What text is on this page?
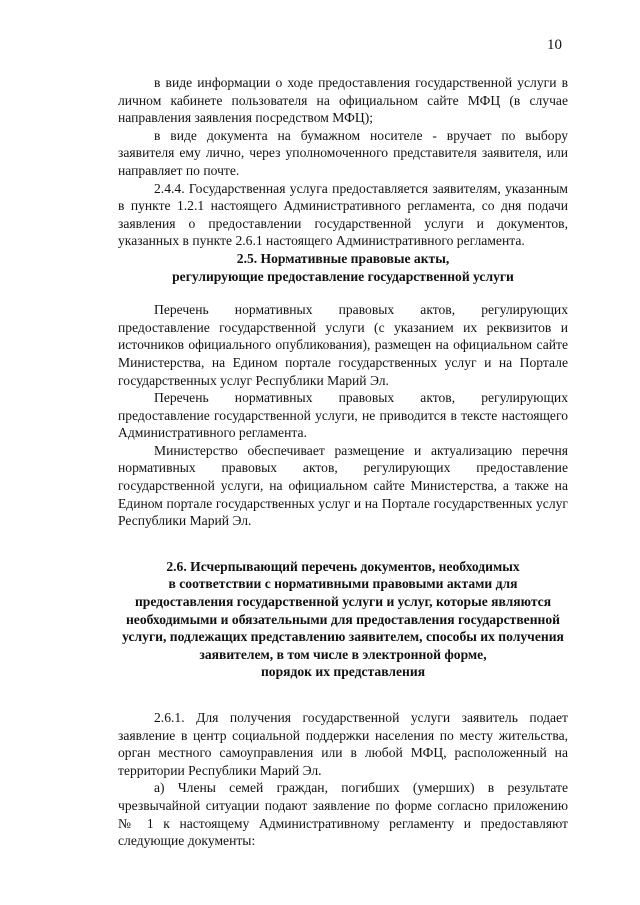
10

в виде информации о ходе предоставления государственной услуги в личном кабинете пользователя на официальном сайте МФЦ (в случае направления заявления посредством МФЦ);

в виде документа на бумажном носителе - вручает по выбору заявителя ему лично, через уполномоченного представителя заявителя, или направляет по почте.

2.4.4. Государственная услуга предоставляется заявителям, указанным в пункте 1.2.1 настоящего Административного регламента, со дня подачи заявления о предоставлении государственной услуги и документов, указанных в пункте 2.6.1 настоящего Административного регламента.

2.5. Нормативные правовые акты,
регулирующие предоставление государственной услуги

Перечень нормативных правовых актов, регулирующих предоставление государственной услуги (с указанием их реквизитов и источников официального опубликования), размещен на официальном сайте Министерства, на Едином портале государственных услуг и на Портале государственных услуг Республики Марий Эл.

Перечень нормативных правовых актов, регулирующих предоставление государственной услуги, не приводится в тексте настоящего Административного регламента.

Министерство обеспечивает размещение и актуализацию перечня нормативных правовых актов, регулирующих предоставление государственной услуги, на официальном сайте Министерства, а также на Едином портале государственных услуг и на Портале государственных услуг Республики Марий Эл.

2.6. Исчерпывающий перечень документов, необходимых
в соответствии с нормативными правовыми актами для
предоставления государственной услуги и услуг, которые являются
необходимыми и обязательными для предоставления государственной
услуги, подлежащих представлению заявителем, способы их получения
заявителем, в том числе в электронной форме,
порядок их представления

2.6.1. Для получения государственной услуги заявитель подает заявление в центр социальной поддержки населения по месту жительства, орган местного самоуправления или в любой МФЦ, расположенный на территории Республики Марий Эл.

а) Члены семей граждан, погибших (умерших) в результате чрезвычайной ситуации подают заявление по форме согласно приложению № 1 к настоящему Административному регламенту и предоставляют следующие документы:
